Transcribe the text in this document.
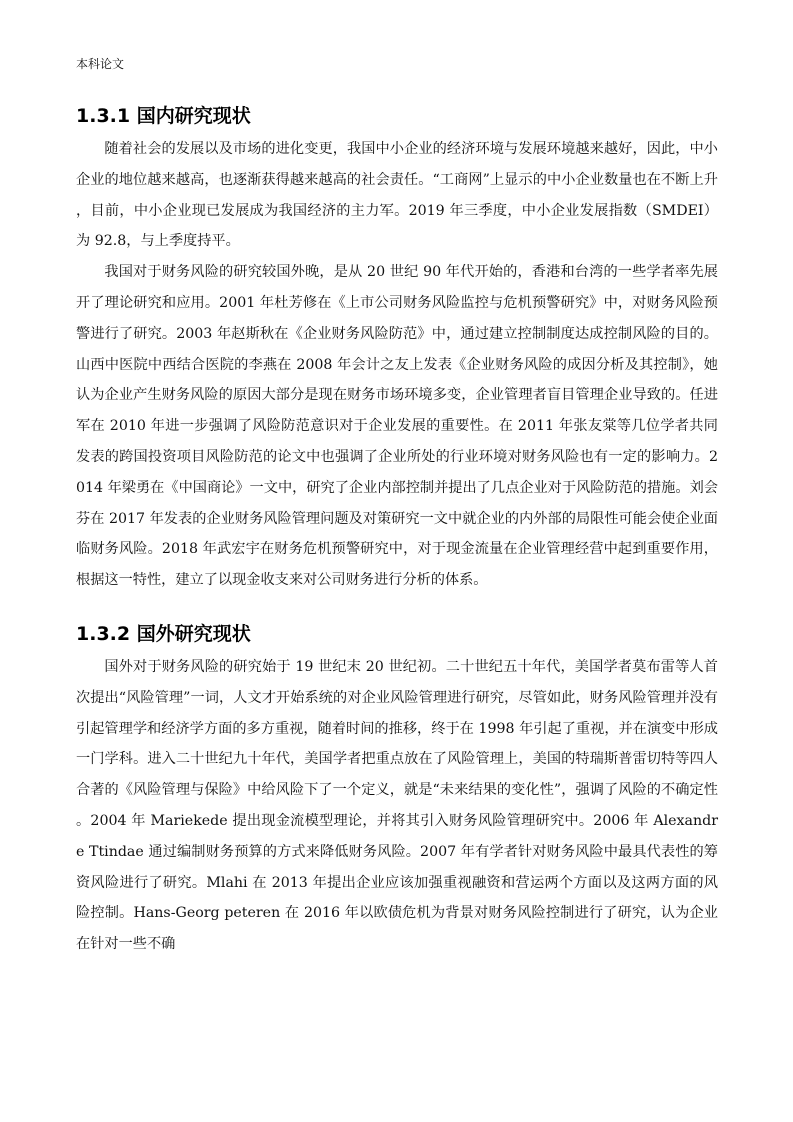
本科论文
1.3.1 国内研究现状

随着社会的发展以及市场的进化变更，我国中小企业的经济环境与发展环境越来越好，因此，中小企业的地位越来越高，也逐渐获得越来越高的社会责任。“工商网”上显示的中小企业数量也在不断上升，目前，中小企业现已发展成为我国经济的主力军。2019 年三季度，中小企业发展指数（SMDEI）为 92.8，与上季度持平。

我国对于财务风险的研究较国外晚，是从 20 世纪 90 年代开始的，香港和台湾的一些学者率先展开了理论研究和应用。2001 年杜芳修在《上市公司财务风险监控与危机预警研究》中，对财务风险预警进行了研究。2003 年赵斯秋在《企业财务风险防范》中，通过建立控制制度达成控制风险的目的。山西中医院中西结合医院的李燕在 2008 年会计之友上发表《企业财务风险的成因分析及其控制》，她认为企业产生财务风险的原因大部分是现在财务市场环境多变，企业管理者盲目管理企业导致的。任进军在 2010 年进一步强调了风险防范意识对于企业发展的重要性。在 2011 年张友棠等几位学者共同发表的跨国投资项目风险防范的论文中也强调了企业所处的行业环境对财务风险也有一定的影响力。2014 年梁勇在《中国商论》一文中，研究了企业内部控制并提出了几点企业对于风险防范的措施。刘会芬在 2017 年发表的企业财务风险管理问题及对策研究一文中就企业的内外部的局限性可能会使企业面临财务风险。2018 年武宏宇在财务危机预警研究中，对于现金流量在企业管理经营中起到重要作用，根据这一特性，建立了以现金收支来对公司财务进行分析的体系。

1.3.2 国外研究现状

国外对于财务风险的研究始于 19 世纪末 20 世纪初。二十世纪五十年代，美国学者莫布雷等人首次提出“风险管理”一词，人文才开始系统的对企业风险管理进行研究，尽管如此，财务风险管理并没有引起管理学和经济学方面的多方重视，随着时间的推移，终于在 1998 年引起了重视，并在演变中形成一门学科。进入二十世纪九十年代，美国学者把重点放在了风险管理上，美国的特瑞斯普雷切特等四人合著的《风险管理与保险》中给风险下了一个定义，就是“未来结果的变化性”，强调了风险的不确定性。2004 年 Mariekede 提出现金流模型理论，并将其引入财务风险管理研究中。2006 年 Alexandre Ttindae 通过编制财务预算的方式来降低财务风险。2007 年有学者针对财务风险中最具代表性的筹资风险进行了研究。Mlahi 在 2013 年提出企业应该加强重视融资和营运两个方面以及这两方面的风险控制。Hans-Georg peteren 在 2016 年以欧债危机为背景对财务风险控制进行了研究，认为企业在针对一些不确
